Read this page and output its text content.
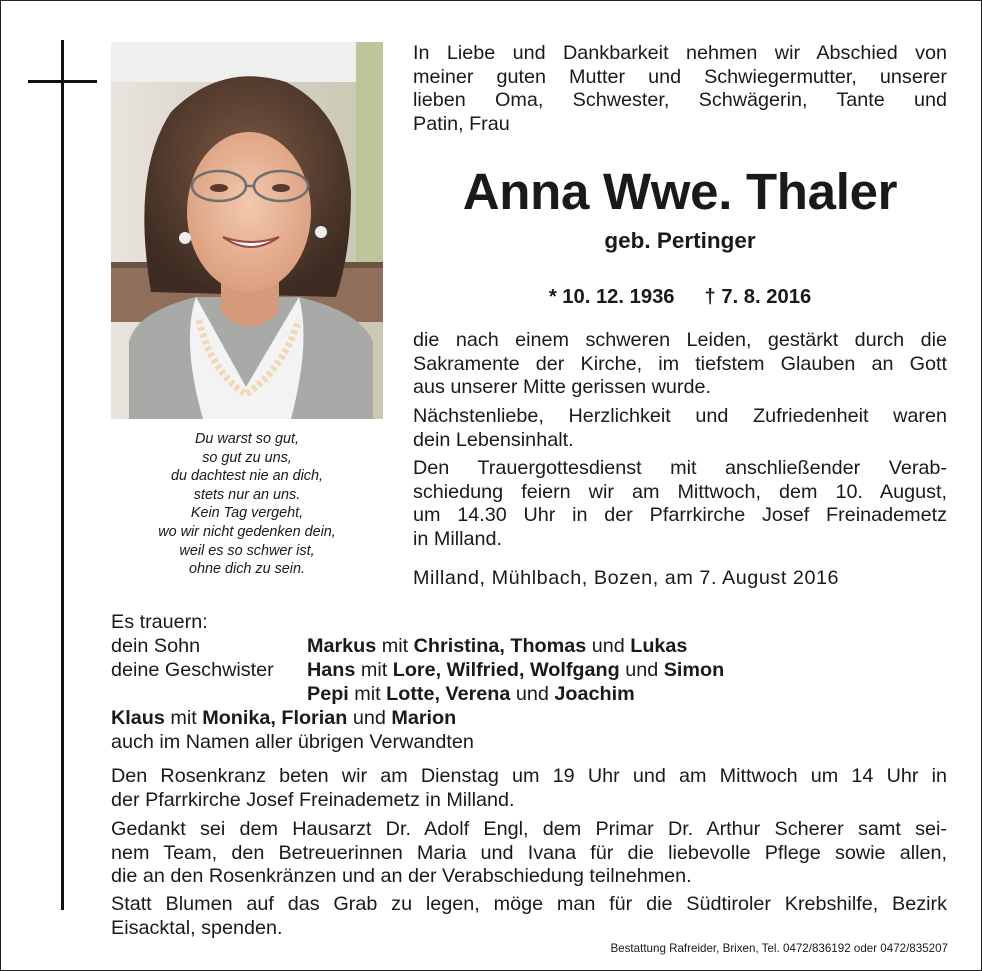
Du warst so gut,
so gut zu uns,
du dachtest nie an dich,
stets nur an uns.
Kein Tag vergeht,
wo wir nicht gedenken dein,
weil es so schwer ist,
ohne dich zu sein.
In Liebe und Dankbarkeit nehmen wir Abschied von
meiner guten Mutter und Schwiegermutter, unserer
lieben Oma, Schwester, Schwägerin, Tante und
Patin, Frau
Anna Wwe. Thaler
geb. Pertinger
* 10. 12. 1936 † 7. 8. 2016
die nach einem schweren Leiden, gestärkt durch die
Sakramente der Kirche, im tiefstem Glauben an Gott
aus unserer Mitte gerissen wurde.
Nächstenliebe, Herzlichkeit und Zufriedenheit waren
dein Lebensinhalt.
Den Trauergottesdienst mit anschließender Verab-
schiedung feiern wir am Mittwoch, dem 10. August,
um 14.30 Uhr in der Pfarrkirche Josef Freinademetz
in Milland.
Milland, Mühlbach, Bozen, am 7. August 2016
Es trauern:
dein Sohn	Markus mit Christina, Thomas und Lukas
deine Geschwister Hans mit Lore, Wilfried, Wolfgang und Simon
Pepi mit Lotte, Verena und Joachim
Klaus mit Monika, Florian und Marion
auch im Namen aller übrigen Verwandten
Den Rosenkranz beten wir am Dienstag um 19 Uhr und am Mittwoch um 14 Uhr in
der Pfarrkirche Josef Freinademetz in Milland.
Gedankt sei dem Hausarzt Dr. Adolf Engl, dem Primar Dr. Arthur Scherer samt sei-
nem Team, den Betreuerinnen Maria und Ivana für die liebevolle Pflege sowie allen,
die an den Rosenkränzen und an der Verabschiedung teilnehmen.
Statt Blumen auf das Grab zu legen, möge man für die Südtiroler Krebshilfe, Bezirk
Eisacktal, spenden.
Bestattung Rafreider, Brixen, Tel. 0472/836192 oder 0472/835207
